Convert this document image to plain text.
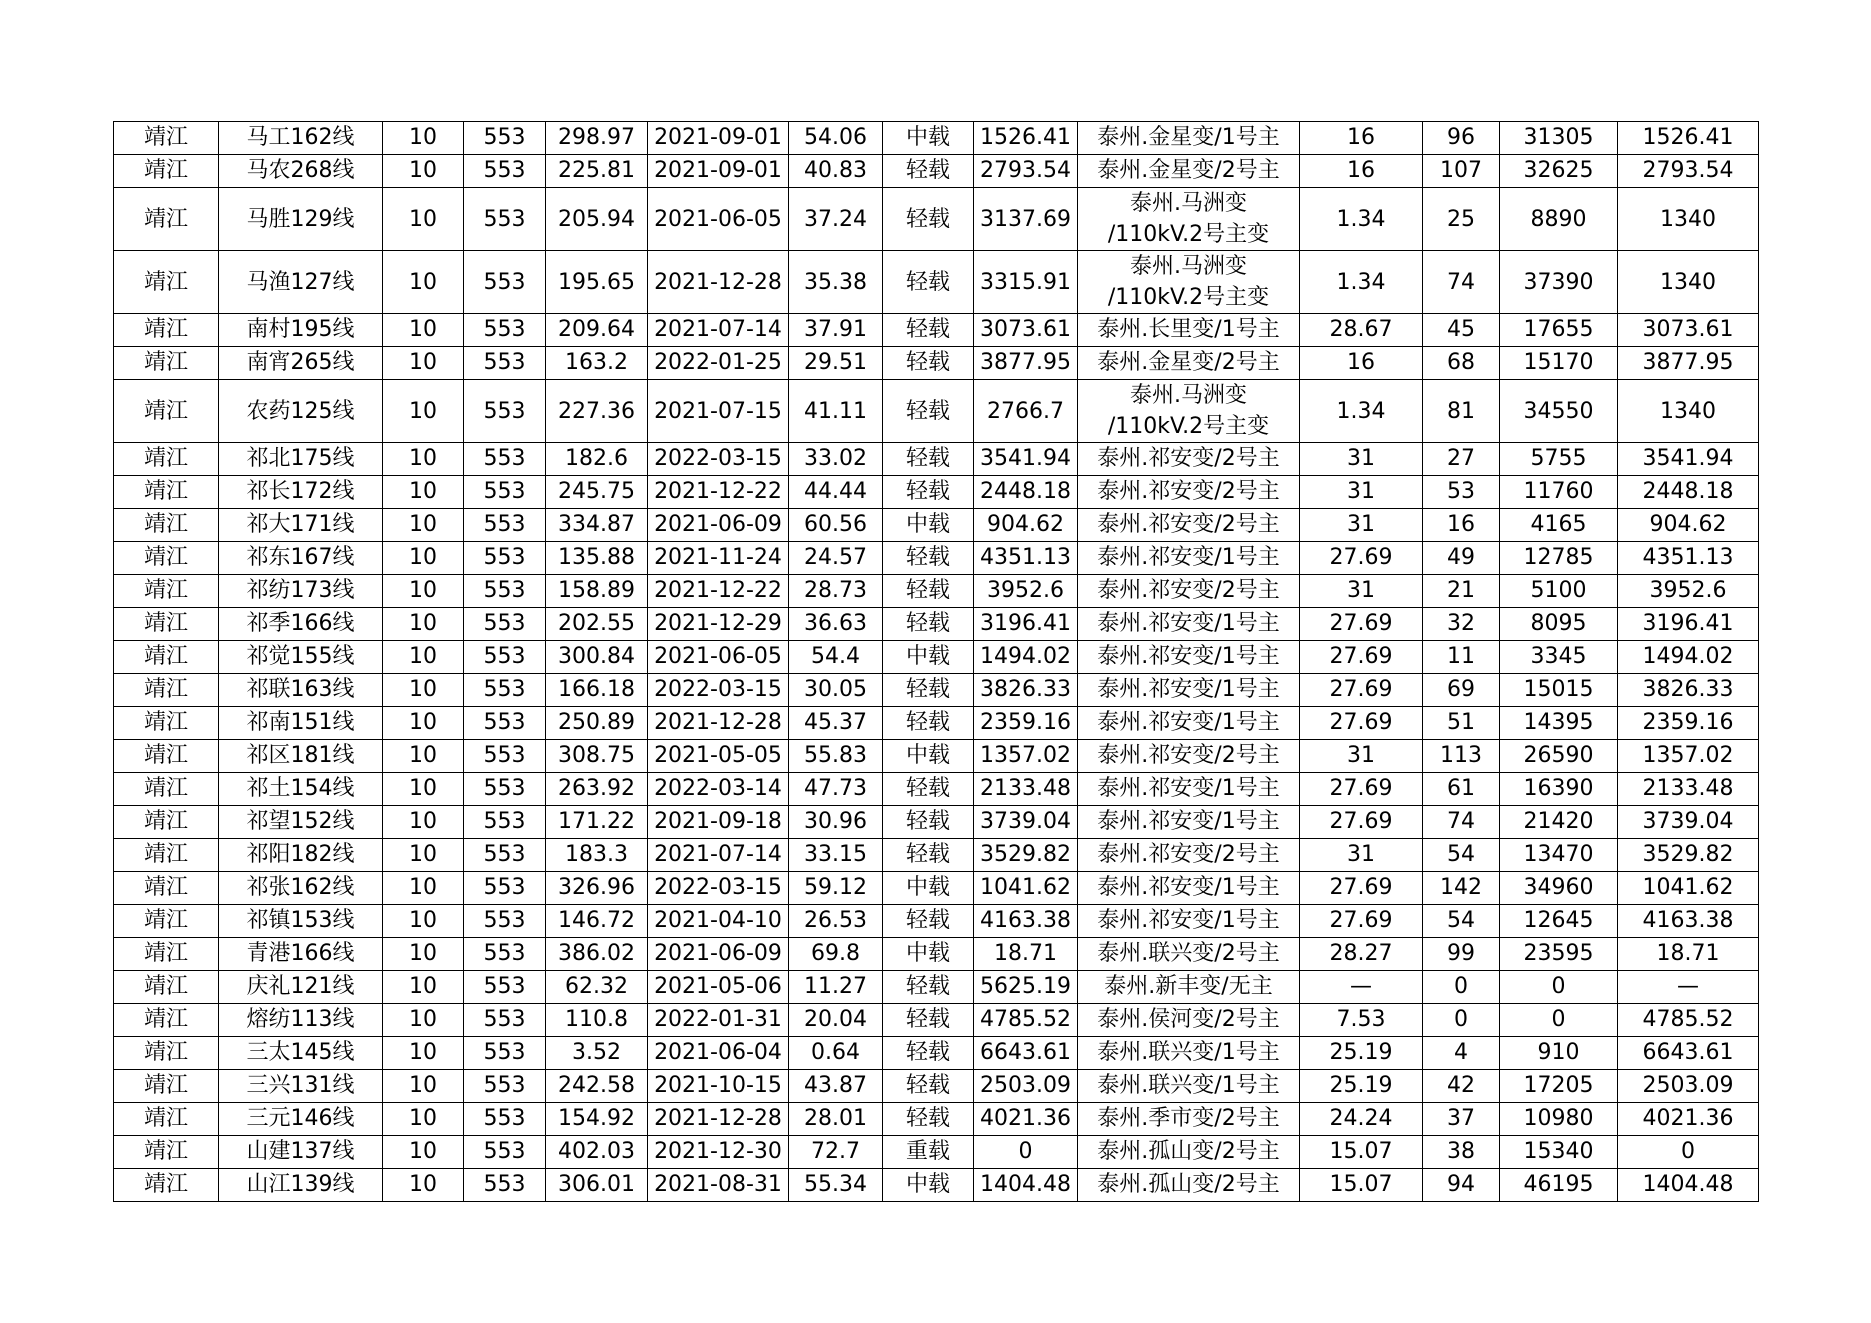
靖江	马工162线	10	553	298.97	2021-09-01	54.06	中载	1526.41	泰州.金星变/1号主	16	96	31305	1526.41
靖江	马农268线	10	553	225.81	2021-09-01	40.83	轻载	2793.54	泰州.金星变/2号主	16	107	32625	2793.54
靖江	马胜129线	10	553	205.94	2021-06-05	37.24	轻载	3137.69	泰州.马洲变
/110kV.2号主变	1.34	25	8890	1340
靖江	马渔127线	10	553	195.65	2021-12-28	35.38	轻载	3315.91	泰州.马洲变
/110kV.2号主变	1.34	74	37390	1340
靖江	南村195线	10	553	209.64	2021-07-14	37.91	轻载	3073.61	泰州.长里变/1号主	28.67	45	17655	3073.61
靖江	南宵265线	10	553	163.2	2022-01-25	29.51	轻载	3877.95	泰州.金星变/2号主	16	68	15170	3877.95
靖江	农药125线	10	553	227.36	2021-07-15	41.11	轻载	2766.7	泰州.马洲变
/110kV.2号主变	1.34	81	34550	1340
靖江	祁北175线	10	553	182.6	2022-03-15	33.02	轻载	3541.94	泰州.祁安变/2号主	31	27	5755	3541.94
靖江	祁长172线	10	553	245.75	2021-12-22	44.44	轻载	2448.18	泰州.祁安变/2号主	31	53	11760	2448.18
靖江	祁大171线	10	553	334.87	2021-06-09	60.56	中载	904.62	泰州.祁安变/2号主	31	16	4165	904.62
靖江	祁东167线	10	553	135.88	2021-11-24	24.57	轻载	4351.13	泰州.祁安变/1号主	27.69	49	12785	4351.13
靖江	祁纺173线	10	553	158.89	2021-12-22	28.73	轻载	3952.6	泰州.祁安变/2号主	31	21	5100	3952.6
靖江	祁季166线	10	553	202.55	2021-12-29	36.63	轻载	3196.41	泰州.祁安变/1号主	27.69	32	8095	3196.41
靖江	祁觉155线	10	553	300.84	2021-06-05	54.4	中载	1494.02	泰州.祁安变/1号主	27.69	11	3345	1494.02
靖江	祁联163线	10	553	166.18	2022-03-15	30.05	轻载	3826.33	泰州.祁安变/1号主	27.69	69	15015	3826.33
靖江	祁南151线	10	553	250.89	2021-12-28	45.37	轻载	2359.16	泰州.祁安变/1号主	27.69	51	14395	2359.16
靖江	祁区181线	10	553	308.75	2021-05-05	55.83	中载	1357.02	泰州.祁安变/2号主	31	113	26590	1357.02
靖江	祁土154线	10	553	263.92	2022-03-14	47.73	轻载	2133.48	泰州.祁安变/1号主	27.69	61	16390	2133.48
靖江	祁望152线	10	553	171.22	2021-09-18	30.96	轻载	3739.04	泰州.祁安变/1号主	27.69	74	21420	3739.04
靖江	祁阳182线	10	553	183.3	2021-07-14	33.15	轻载	3529.82	泰州.祁安变/2号主	31	54	13470	3529.82
靖江	祁张162线	10	553	326.96	2022-03-15	59.12	中载	1041.62	泰州.祁安变/1号主	27.69	142	34960	1041.62
靖江	祁镇153线	10	553	146.72	2021-04-10	26.53	轻载	4163.38	泰州.祁安变/1号主	27.69	54	12645	4163.38
靖江	青港166线	10	553	386.02	2021-06-09	69.8	中载	18.71	泰州.联兴变/2号主	28.27	99	23595	18.71
靖江	庆礼121线	10	553	62.32	2021-05-06	11.27	轻载	5625.19	泰州.新丰变/无主	—	0	0	—
靖江	熔纺113线	10	553	110.8	2022-01-31	20.04	轻载	4785.52	泰州.侯河变/2号主	7.53	0	0	4785.52
靖江	三太145线	10	553	3.52	2021-06-04	0.64	轻载	6643.61	泰州.联兴变/1号主	25.19	4	910	6643.61
靖江	三兴131线	10	553	242.58	2021-10-15	43.87	轻载	2503.09	泰州.联兴变/1号主	25.19	42	17205	2503.09
靖江	三元146线	10	553	154.92	2021-12-28	28.01	轻载	4021.36	泰州.季市变/2号主	24.24	37	10980	4021.36
靖江	山建137线	10	553	402.03	2021-12-30	72.7	重载	0	泰州.孤山变/2号主	15.07	38	15340	0
靖江	山江139线	10	553	306.01	2021-08-31	55.34	中载	1404.48	泰州.孤山变/2号主	15.07	94	46195	1404.48
